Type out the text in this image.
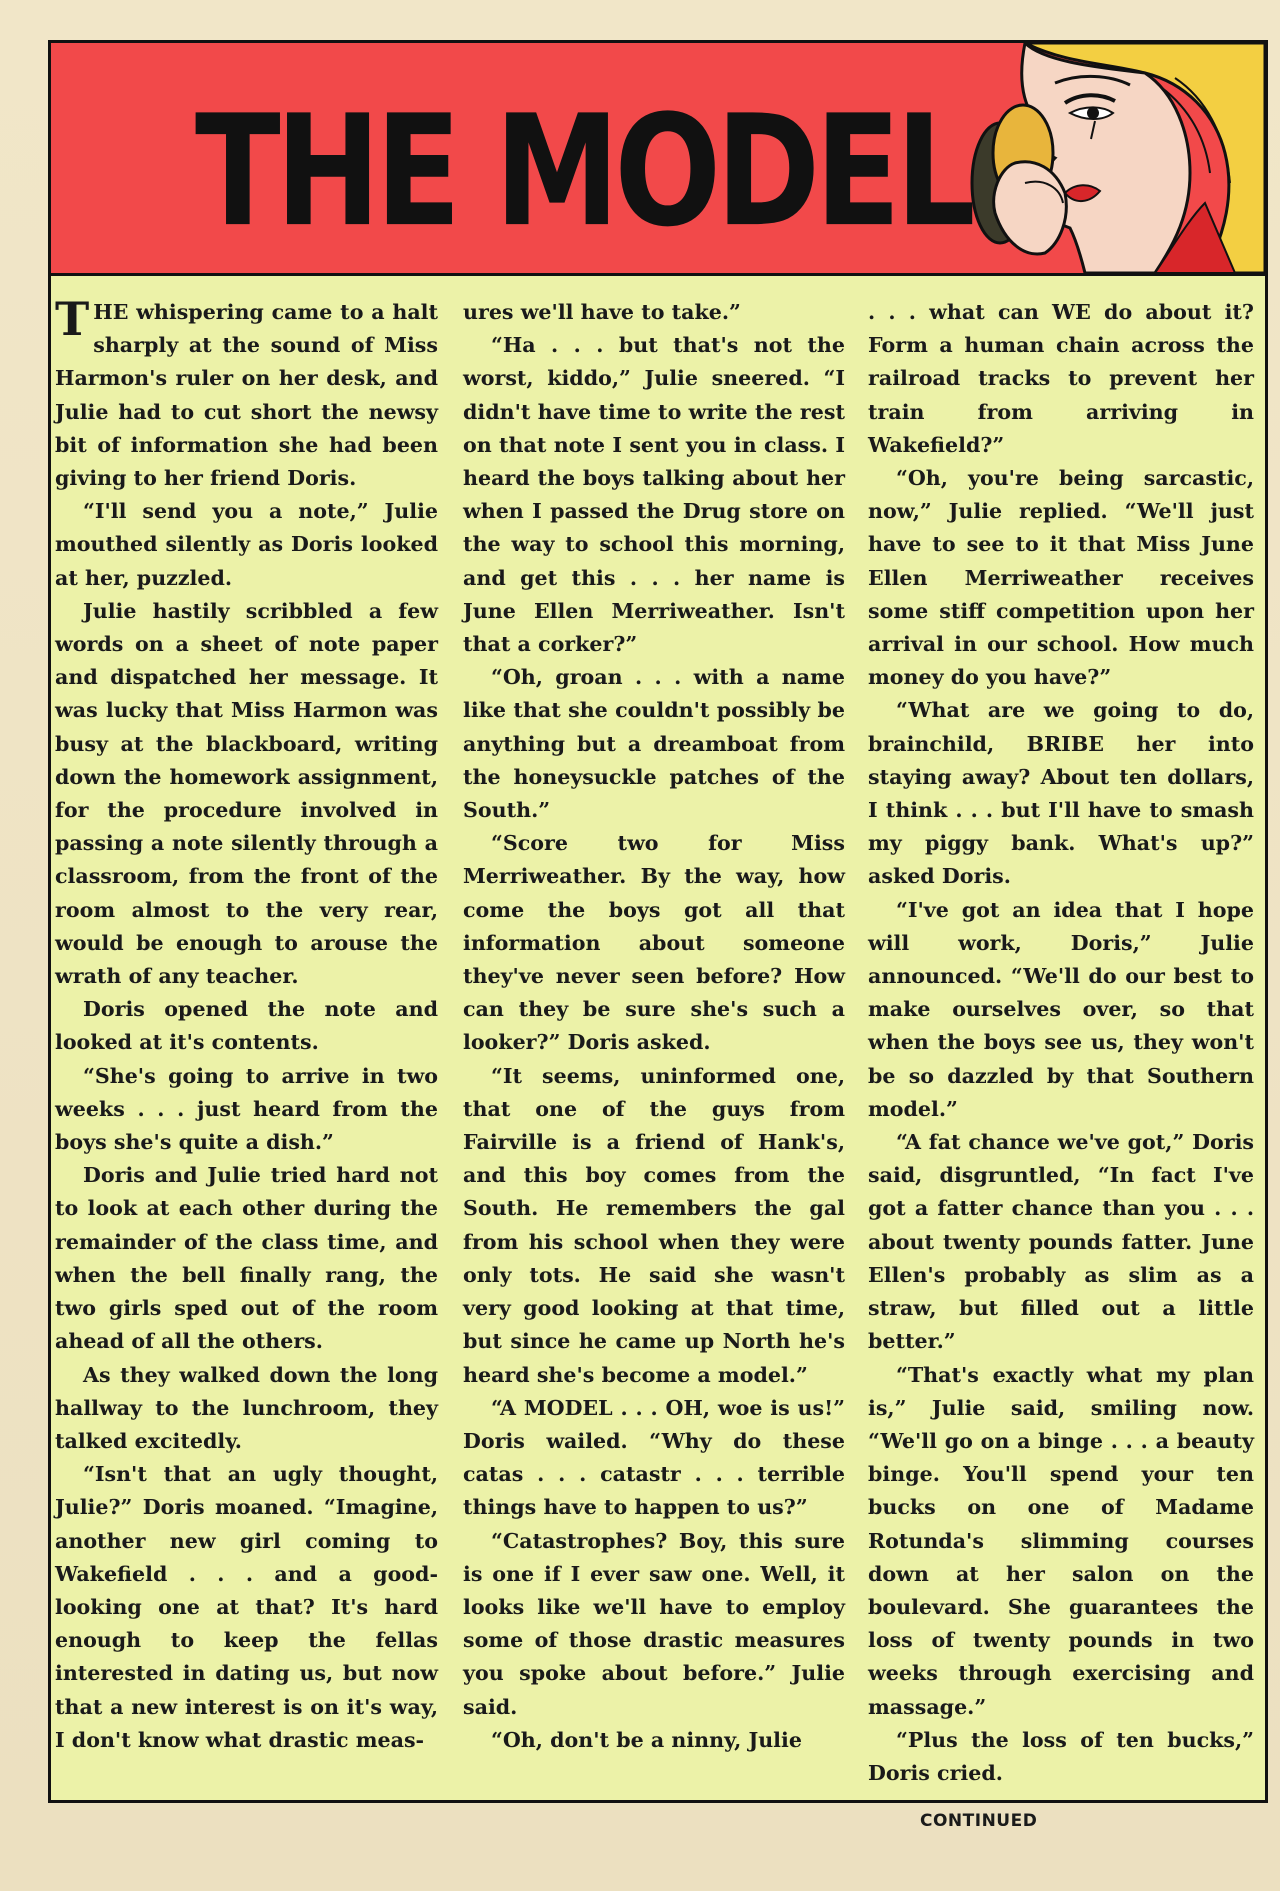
THE MODEL

THE whispering came to a halt sharply at the sound of Miss Harmon's ruler on her desk, and Julie had to cut short the newsy bit of information she had been giving to her friend Doris.

“I'll send you a note,” Julie mouthed silently as Doris looked at her, puzzled.

Julie hastily scribbled a few words on a sheet of note paper and dispatched her message. It was lucky that Miss Harmon was busy at the blackboard, writing down the homework assignment, for the procedure involved in passing a note silently through a classroom, from the front of the room almost to the very rear, would be enough to arouse the wrath of any teacher.

Doris opened the note and looked at it's contents.

“She's going to arrive in two weeks . . . just heard from the boys she's quite a dish.”

Doris and Julie tried hard not to look at each other during the remainder of the class time, and when the bell finally rang, the two girls sped out of the room ahead of all the others.

As they walked down the long hallway to the lunchroom, they talked excitedly.

“Isn't that an ugly thought, Julie?” Doris moaned. “Imagine, another new girl coming to Wakefield . . . and a good-looking one at that? It's hard enough to keep the fellas interested in dating us, but now that a new interest is on it's way, I don't know what drastic meas-

ures we'll have to take.”

“Ha . . . but that's not the worst, kiddo,” Julie sneered. “I didn't have time to write the rest on that note I sent you in class. I heard the boys talking about her when I passed the Drug store on the way to school this morning, and get this . . . her name is June Ellen Merriweather. Isn't that a corker?”

“Oh, groan . . . with a name like that she couldn't possibly be anything but a dreamboat from the honeysuckle patches of the South.”

“Score two for Miss Merriweather. By the way, how come the boys got all that information about someone they've never seen before? How can they be sure she's such a looker?” Doris asked.

“It seems, uninformed one, that one of the guys from Fairville is a friend of Hank's, and this boy comes from the South. He remembers the gal from his school when they were only tots. He said she wasn't very good looking at that time, but since he came up North he's heard she's become a model.”

“A MODEL . . . OH, woe is us!” Doris wailed. “Why do these catas . . . catastr . . . terrible things have to happen to us?”

“Catastrophes? Boy, this sure is one if I ever saw one. Well, it looks like we'll have to employ some of those drastic measures you spoke about before.” Julie said.

“Oh, don't be a ninny, Julie

. . . what can WE do about it? Form a human chain across the railroad tracks to prevent her train from arriving in Wakefield?”

“Oh, you're being sarcastic, now,” Julie replied. “We'll just have to see to it that Miss June Ellen Merriweather receives some stiff competition upon her arrival in our school. How much money do you have?”

“What are we going to do, brainchild, BRIBE her into staying away? About ten dollars, I think . . . but I'll have to smash my piggy bank. What's up?” asked Doris.

“I've got an idea that I hope will work, Doris,” Julie announced. “We'll do our best to make ourselves over, so that when the boys see us, they won't be so dazzled by that Southern model.”

“A fat chance we've got,” Doris said, disgruntled, “In fact I've got a fatter chance than you . . . about twenty pounds fatter. June Ellen's probably as slim as a straw, but filled out a little better.”

“That's exactly what my plan is,” Julie said, smiling now. “We'll go on a binge . . . a beauty binge. You'll spend your ten bucks on one of Madame Rotunda's slimming courses down at her salon on the boulevard. She guarantees the loss of twenty pounds in two weeks through exercising and massage.”

“Plus the loss of ten bucks,” Doris cried.

CONTINUED
